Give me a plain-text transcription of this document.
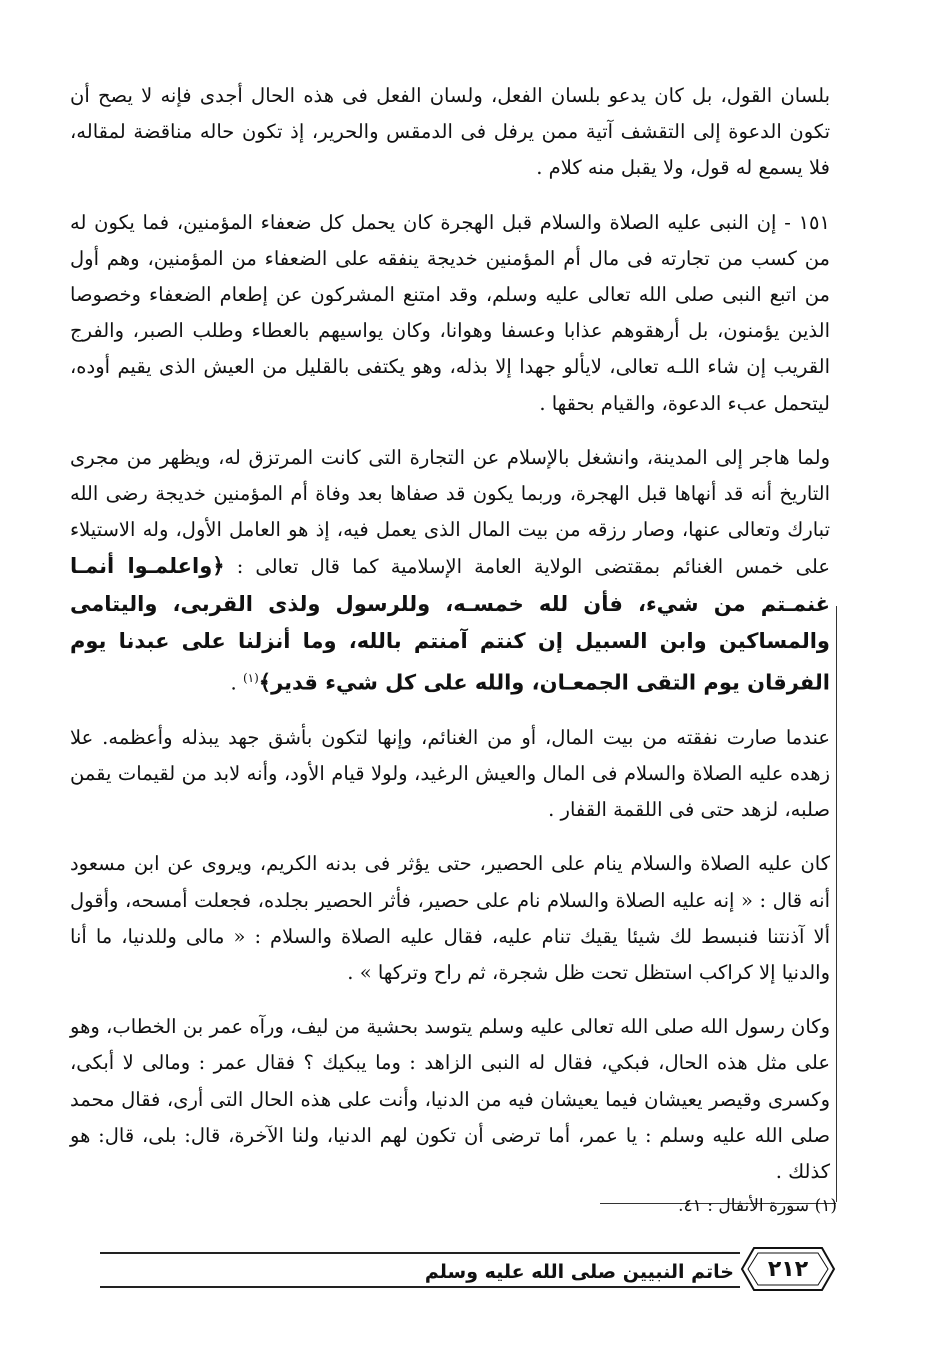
بلسان القول، بل كان يدعو بلسان الفعل، ولسان الفعل فى هذه الحال أجدى فإنه لا يصح أن تكون الدعوة إلى التقشف آتية ممن يرفل فى الدمقس والحرير، إذ تكون حاله مناقضة لمقاله، فلا يسمع له قول، ولا يقبل منه كلام .

١٥١ - إن النبى عليه الصلاة والسلام قبل الهجرة كان يحمل كل ضعفاء المؤمنين، فما يكون له من كسب من تجارته فى مال أم المؤمنين خديجة ينفقه على الضعفاء من المؤمنين، وهم أول من اتبع النبى صلى الله تعالى عليه وسلم، وقد امتنع المشركون عن إطعام الضعفاء وخصوصا الذين يؤمنون، بل أرهقوهم عذابا وعسفا وهوانا، وكان يواسيهم بالعطاء وطلب الصبر، والفرج القريب إن شاء اللـه تعالى، لايألو جهدا إلا بذله، وهو يكتفى بالقليل من العيش الذى يقيم أوده، ليتحمل عبء الدعوة، والقيام بحقها .

ولما هاجر إلى المدينة، وانشغل بالإسلام عن التجارة التى كانت المرتزق له، ويظهر من مجرى التاريخ أنه قد أنهاها قبل الهجرة، وربما يكون قد صفاها بعد وفاة أم المؤمنين خديجة رضى الله تبارك وتعالى عنها، وصار رزقه من بيت المال الذى يعمل فيه، إذ هو العامل الأول، وله الاستيلاء على خمس الغنائم بمقتضى الولاية العامة الإسلامية كما قال تعالى : ﴿واعلمـوا أنمـا غنمـتم من شيء، فأن لله خمسـه، وللرسول ولذى القربى، واليتامى والمساكين وابن السبيل إن كنتم آمنتم بالله، وما أنزلنا على عبدنا يوم الفرقان يوم التقى الجمعـان، والله على كل شيء قدير﴾$^{(١)}$ .

عندما صارت نفقته من بيت المال، أو من الغنائم، وإنها لتكون بأشق جهد يبذله وأعظمه. علا زهده عليه الصلاة والسلام فى المال والعيش الرغيد، ولولا قيام الأود، وأنه لابد من لقيمات يقمن صلبه، لزهد حتى فى اللقمة القفار .

كان عليه الصلاة والسلام ينام على الحصير، حتى يؤثر فى بدنه الكريم، ويروى عن ابن مسعود أنه قال : « إنه عليه الصلاة والسلام نام على حصير، فأثر الحصير بجلده، فجعلت أمسحه، وأقول ألا آذنتنا فنبسط لك شيئا يقيك تنام عليه، فقال عليه الصلاة والسلام : « مالى وللدنيا، ما أنا والدنيا إلا كراكب استظل تحت ظل شجرة، ثم راح وتركها » .

وكان رسول الله صلى الله تعالى عليه وسلم يتوسد بحشية من ليف، ورآه عمر بن الخطاب، وهو على مثل هذه الحال، فبكي، فقال له النبى الزاهد : وما يبكيك ؟ فقال عمر : ومالى لا أبكى، وكسرى وقيصر يعيشان فيما يعيشان فيه من الدنيا، وأنت على هذه الحال التى أرى، فقال محمد صلى الله عليه وسلم : يا عمر، أما ترضى أن تكون لهم الدنيا، ولنا الآخرة، قال: بلى، قال: هو كذلك .

(١) سورة الأنفال : ٤١.
خاتم النبيين صلى الله عليه وسلم ٢١٢
